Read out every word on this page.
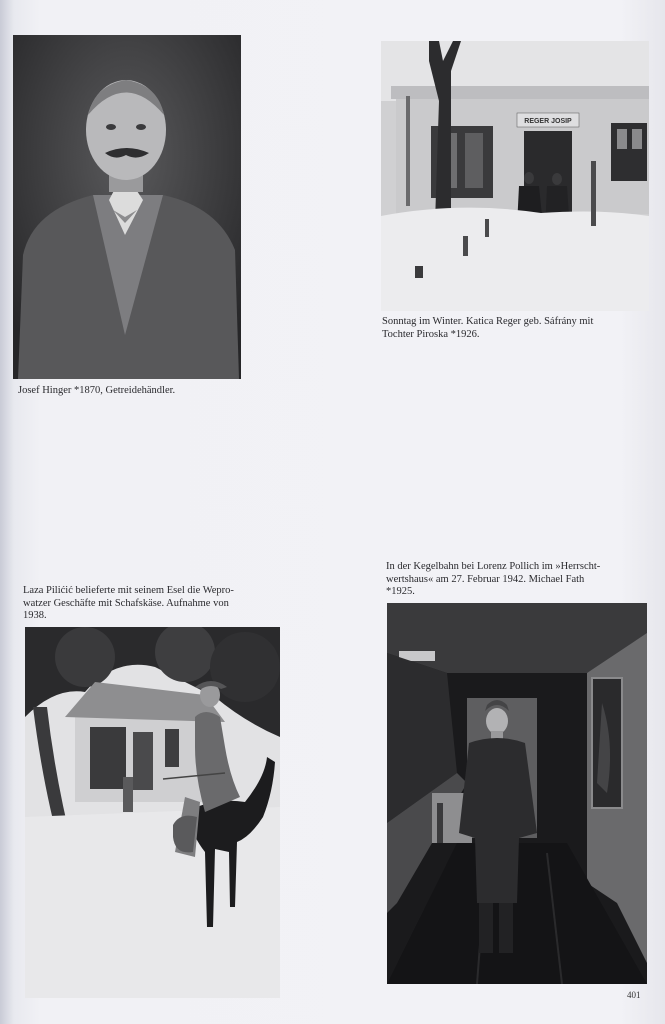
REGER JOSIP
Josef Hinger *1870, Getreidehändler.
Sonntag im Winter. Katica Reger geb. Sáfrány mit
Tochter Piroska *1926.
Laza Pilićić belieferte mit seinem Esel die Wepro-
watzer Geschäfte mit Schafskäse. Aufnahme von
1938.
In der Kegelbahn bei Lorenz Pollich im »Herrscht-
wertshaus« am 27. Februar 1942. Michael Fath
*1925.
401
